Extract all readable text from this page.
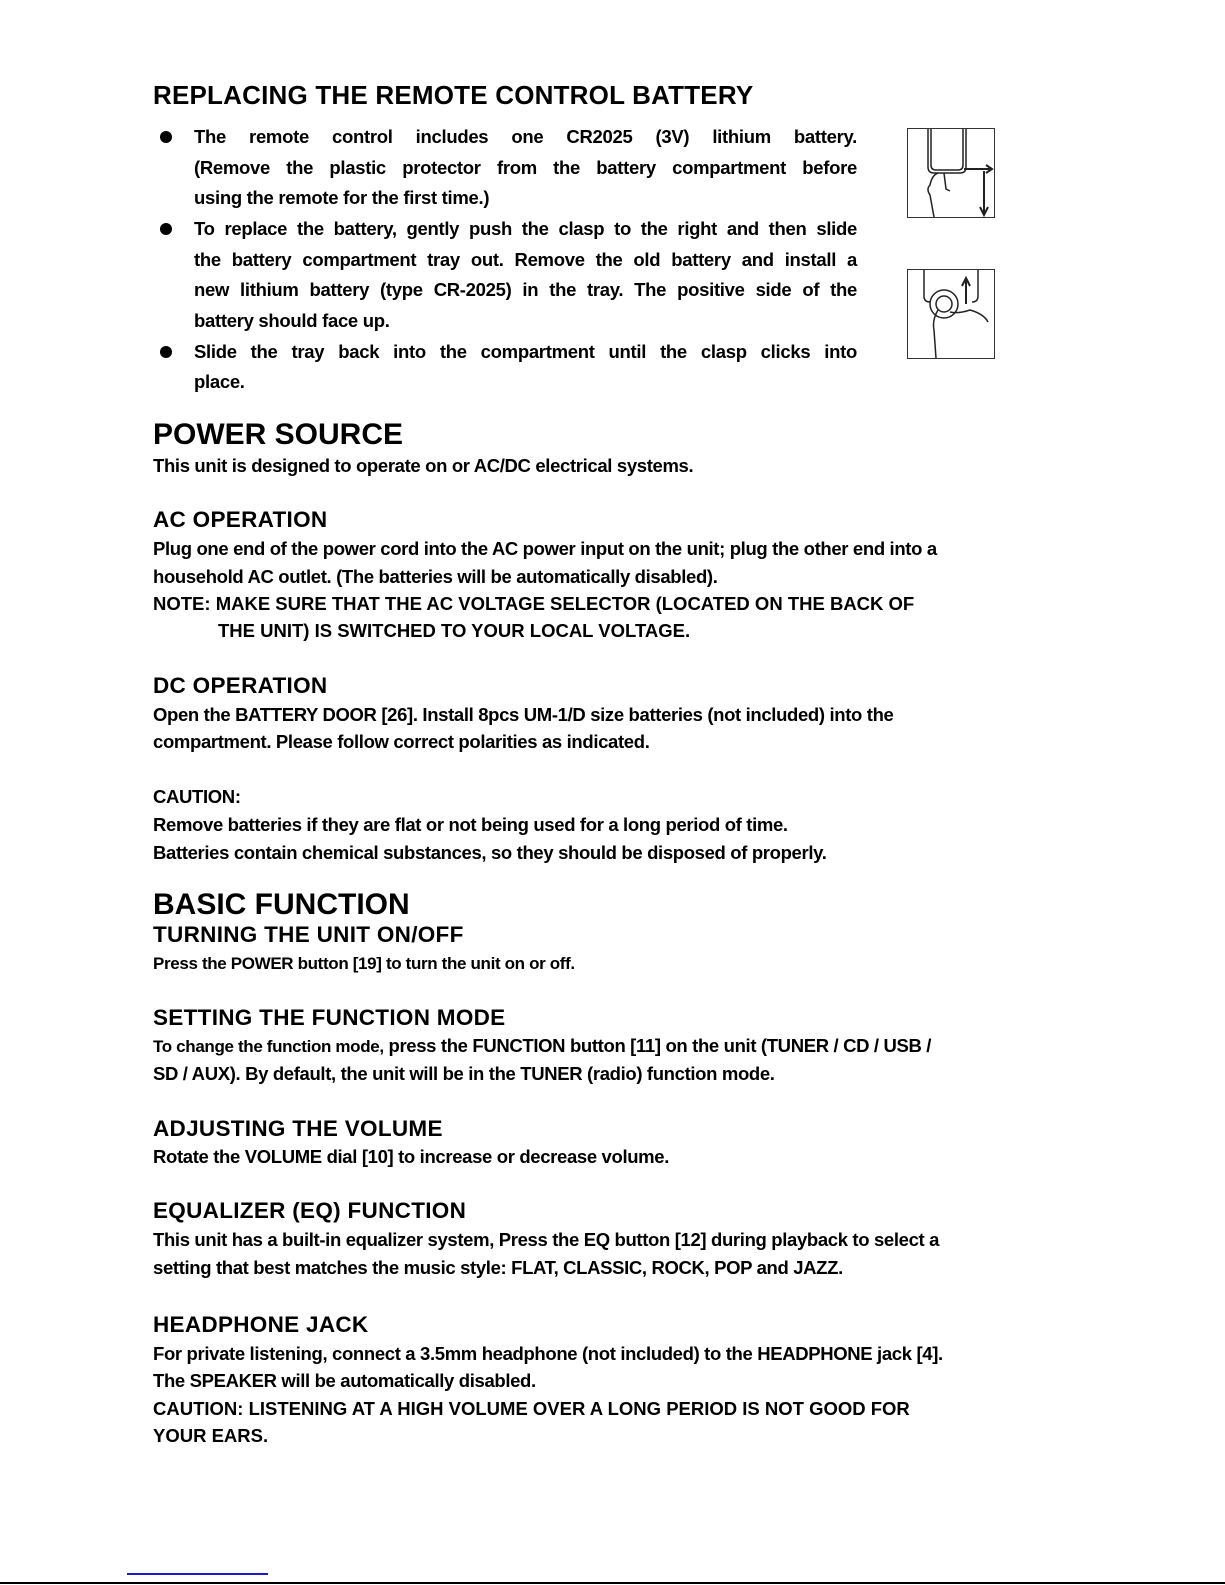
REPLACING THE REMOTE CONTROL BATTERY
The remote control includes one CR2025 (3V) lithium battery.
(Remove the plastic protector from the battery compartment before
using the remote for the first time.)
To replace the battery, gently push the clasp to the right and then slide
the battery compartment tray out. Remove the old battery and install a
new lithium battery (type CR-2025) in the tray. The positive side of the
battery should face up.
Slide the tray back into the compartment until the clasp clicks into
place.
POWER SOURCE
This unit is designed to operate on or AC/DC electrical systems.
AC OPERATION
Plug one end of the power cord into the AC power input on the unit; plug the other end into a
household AC outlet. (The batteries will be automatically disabled).
NOTE: MAKE SURE THAT THE AC VOLTAGE SELECTOR (LOCATED ON THE BACK OF
THE UNIT) IS SWITCHED TO YOUR LOCAL VOLTAGE.
DC OPERATION
Open the BATTERY DOOR [26]. Install 8pcs UM-1/D size batteries (not included) into the
compartment. Please follow correct polarities as indicated.
CAUTION:
Remove batteries if they are flat or not being used for a long period of time.
Batteries contain chemical substances, so they should be disposed of properly.
BASIC FUNCTION
TURNING THE UNIT ON/OFF
Press the POWER button [19] to turn the unit on or off.
SETTING THE FUNCTION MODE
To change the function mode, press the FUNCTION button [11] on the unit (TUNER / CD / USB /
SD / AUX). By default, the unit will be in the TUNER (radio) function mode.
ADJUSTING THE VOLUME
Rotate the VOLUME dial [10] to increase or decrease volume.
EQUALIZER (EQ) FUNCTION
This unit has a built-in equalizer system, Press the EQ button [12] during playback to select a
setting that best matches the music style: FLAT, CLASSIC, ROCK, POP and JAZZ.
HEADPHONE JACK
For private listening, connect a 3.5mm headphone (not included) to the HEADPHONE jack [4].
The SPEAKER will be automatically disabled.
CAUTION: LISTENING AT A HIGH VOLUME OVER A LONG PERIOD IS NOT GOOD FOR
YOUR EARS.
